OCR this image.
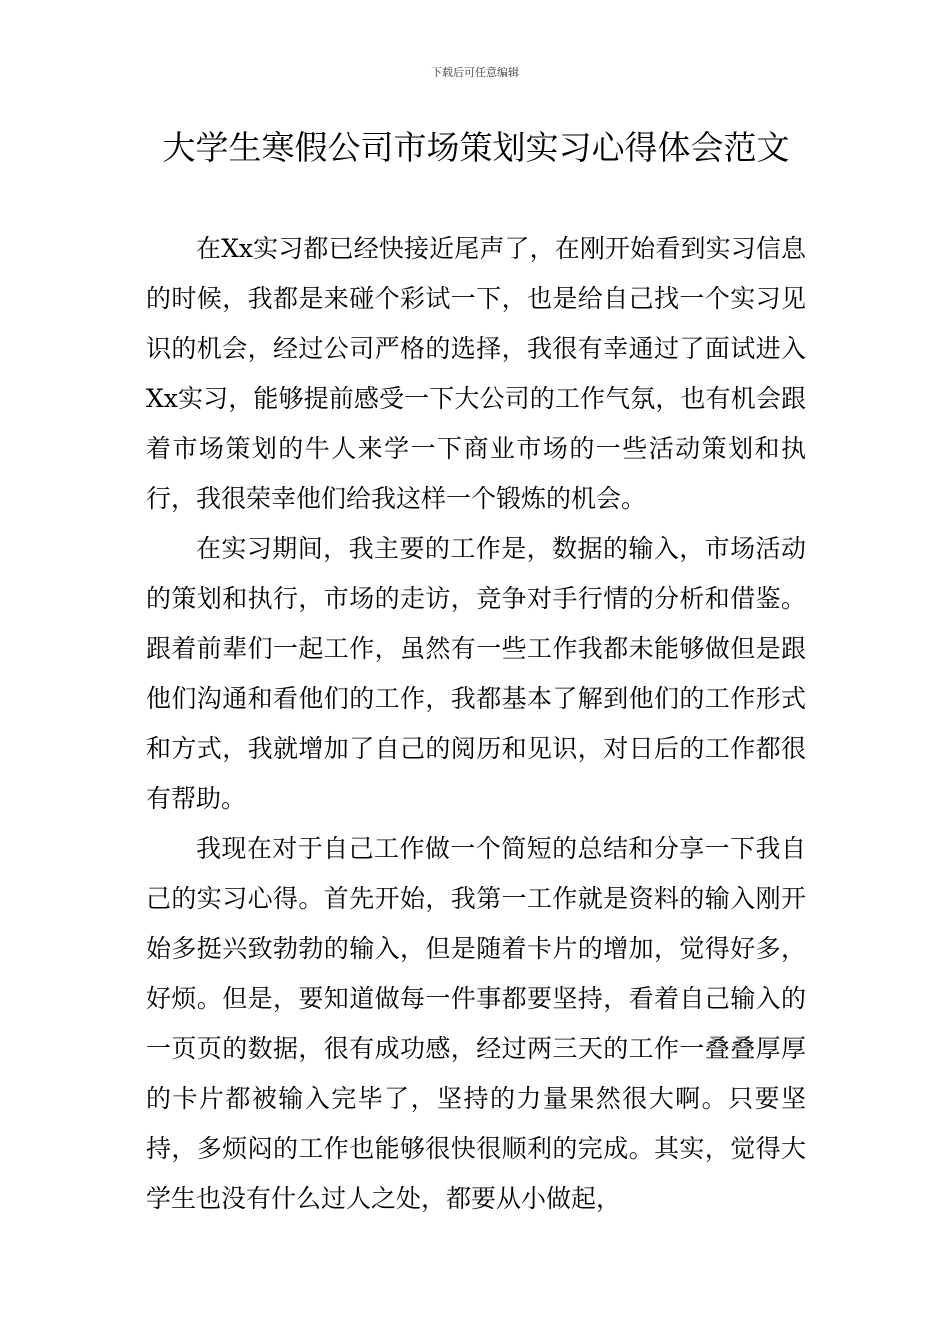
下载后可任意编辑
大学生寒假公司市场策划实习心得体会范文

在Xx实习都已经快接近尾声了，在刚开始看到实习信息的时候，我都是来碰个彩试一下，也是给自己找一个实习见识的机会，经过公司严格的选择，我很有幸通过了面试进入Xx实习，能够提前感受一下大公司的工作气氛，也有机会跟着市场策划的牛人来学一下商业市场的一些活动策划和执行，我很荣幸他们给我这样一个锻炼的机会。

在实习期间，我主要的工作是，数据的输入，市场活动的策划和执行，市场的走访，竞争对手行情的分析和借鉴。跟着前辈们一起工作，虽然有一些工作我都未能够做但是跟他们沟通和看他们的工作，我都基本了解到他们的工作形式和方式，我就增加了自己的阅历和见识，对日后的工作都很有帮助。

我现在对于自己工作做一个简短的总结和分享一下我自己的实习心得。首先开始，我第一工作就是资料的输入刚开始多挺兴致勃勃的输入，但是随着卡片的增加，觉得好多，好烦。但是，要知道做每一件事都要坚持，看着自己输入的一页页的数据，很有成功感，经过两三天的工作一叠叠厚厚的卡片都被输入完毕了，坚持的力量果然很大啊。只要坚持，多烦闷的工作也能够很快很顺利的完成。其实，觉得大学生也没有什么过人之处，都要从小做起，
